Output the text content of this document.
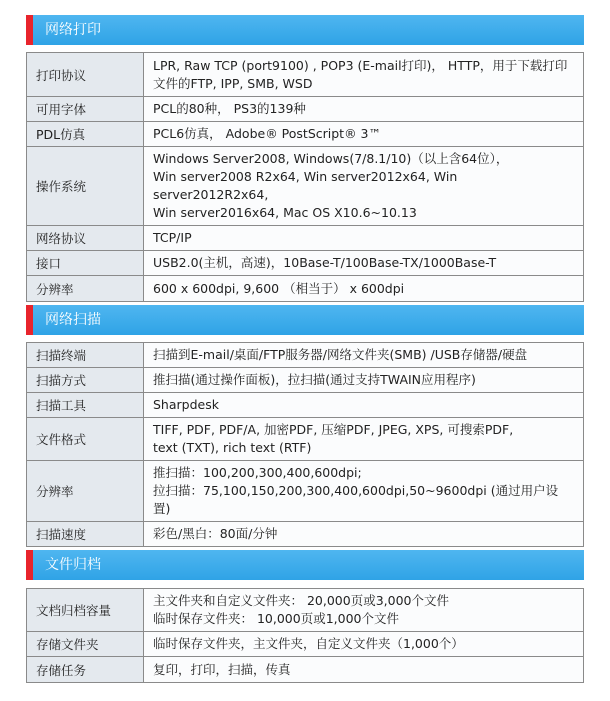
网络打印
打印协议	LPR, Raw TCP (port9100) , POP3 (E-mail打印)， HTTP，用于下载打印
文件的FTP, IPP, SMB, WSD

可用字体	PCL的80种， PS3的139种

PDL仿真	PCL6仿真， Adobe® PostScript® 3™

操作系统	Windows Server2008, Windows(7/8.1/10)（以上含64位），
Win server2008 R2x64, Win server2012x64, Win server2012R2x64,
Win server2016x64, Mac OS X10.6~10.13

网络协议	TCP/IP

接口	USB2.0(主机，高速)，10Base-T/100Base-TX/1000Base-T

分辨率	600 x 600dpi, 9,600 （相当于） x 600dpi
网络扫描
扫描终端	扫描到E-mail/桌面/FTP服务器/网络文件夹(SMB) /USB存储器/硬盘

扫描方式	推扫描(通过操作面板)，拉扫描(通过支持TWAIN应用程序)

扫描工具	Sharpdesk

文件格式	TIFF, PDF, PDF/A, 加密PDF, 压缩PDF, JPEG, XPS, 可搜索PDF,
text (TXT), rich text (RTF)

分辨率	推扫描：100,200,300,400,600dpi;
拉扫描：75,100,150,200,300,400,600dpi,50~9600dpi (通过用户设置)

扫描速度	彩色/黑白：80面/分钟
文件归档
文档归档容量	主文件夹和自定义文件夹： 20,000页或3,000个文件
临时保存文件夹： 10,000页或1,000个文件

存储文件夹	临时保存文件夹，主文件夹，自定义文件夹（1,000个）

存储任务	复印，打印，扫描，传真
